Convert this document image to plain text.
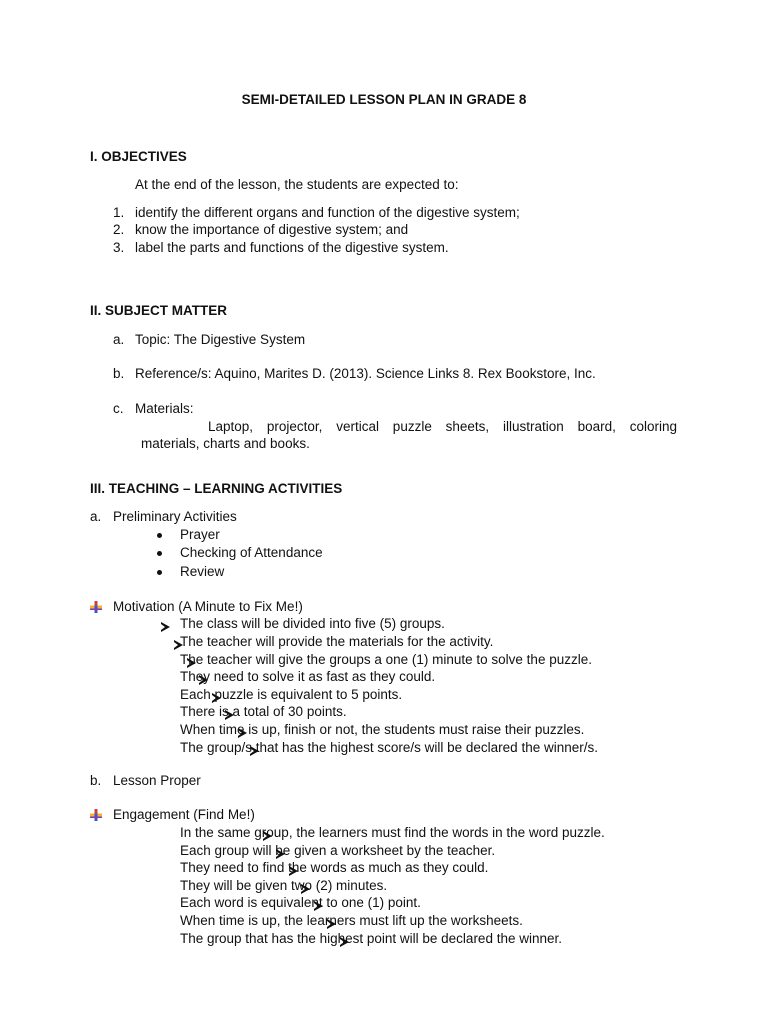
SEMI-DETAILED LESSON PLAN IN GRADE 8
I. OBJECTIVES
At the end of the lesson, the students are expected to:
1. identify the different organs and function of the digestive system;
2. know the importance of digestive system; and
3. label the parts and functions of the digestive system.
II. SUBJECT MATTER
a. Topic: The Digestive System
b. Reference/s: Aquino, Marites D. (2013). Science Links 8. Rex Bookstore, Inc.
c. Materials:
Laptop, projector, vertical puzzle sheets, illustration board, coloring
materials, charts and books.
III. TEACHING – LEARNING ACTIVITIES
a. Preliminary Activities
Prayer
Checking of Attendance
Review
Motivation (A Minute to Fix Me!)

The class will be divided into five (5) groups.

The teacher will provide the materials for the activity.

The teacher will give the groups a one (1) minute to solve the puzzle.

They need to solve it as fast as they could.

Each puzzle is equivalent to 5 points.

There is a total of 30 points.

When time is up, finish or not, the students must raise their puzzles.

The group/s that has the highest score/s will be declared the winner/s.
b. Lesson Proper
Engagement (Find Me!)

In the same group, the learners must find the words in the word puzzle.

Each group will be given a worksheet by the teacher.

They need to find the words as much as they could.

They will be given two (2) minutes.

Each word is equivalent to one (1) point.

When time is up, the learners must lift up the worksheets.
The group that has the highest point will be declared the winner.
